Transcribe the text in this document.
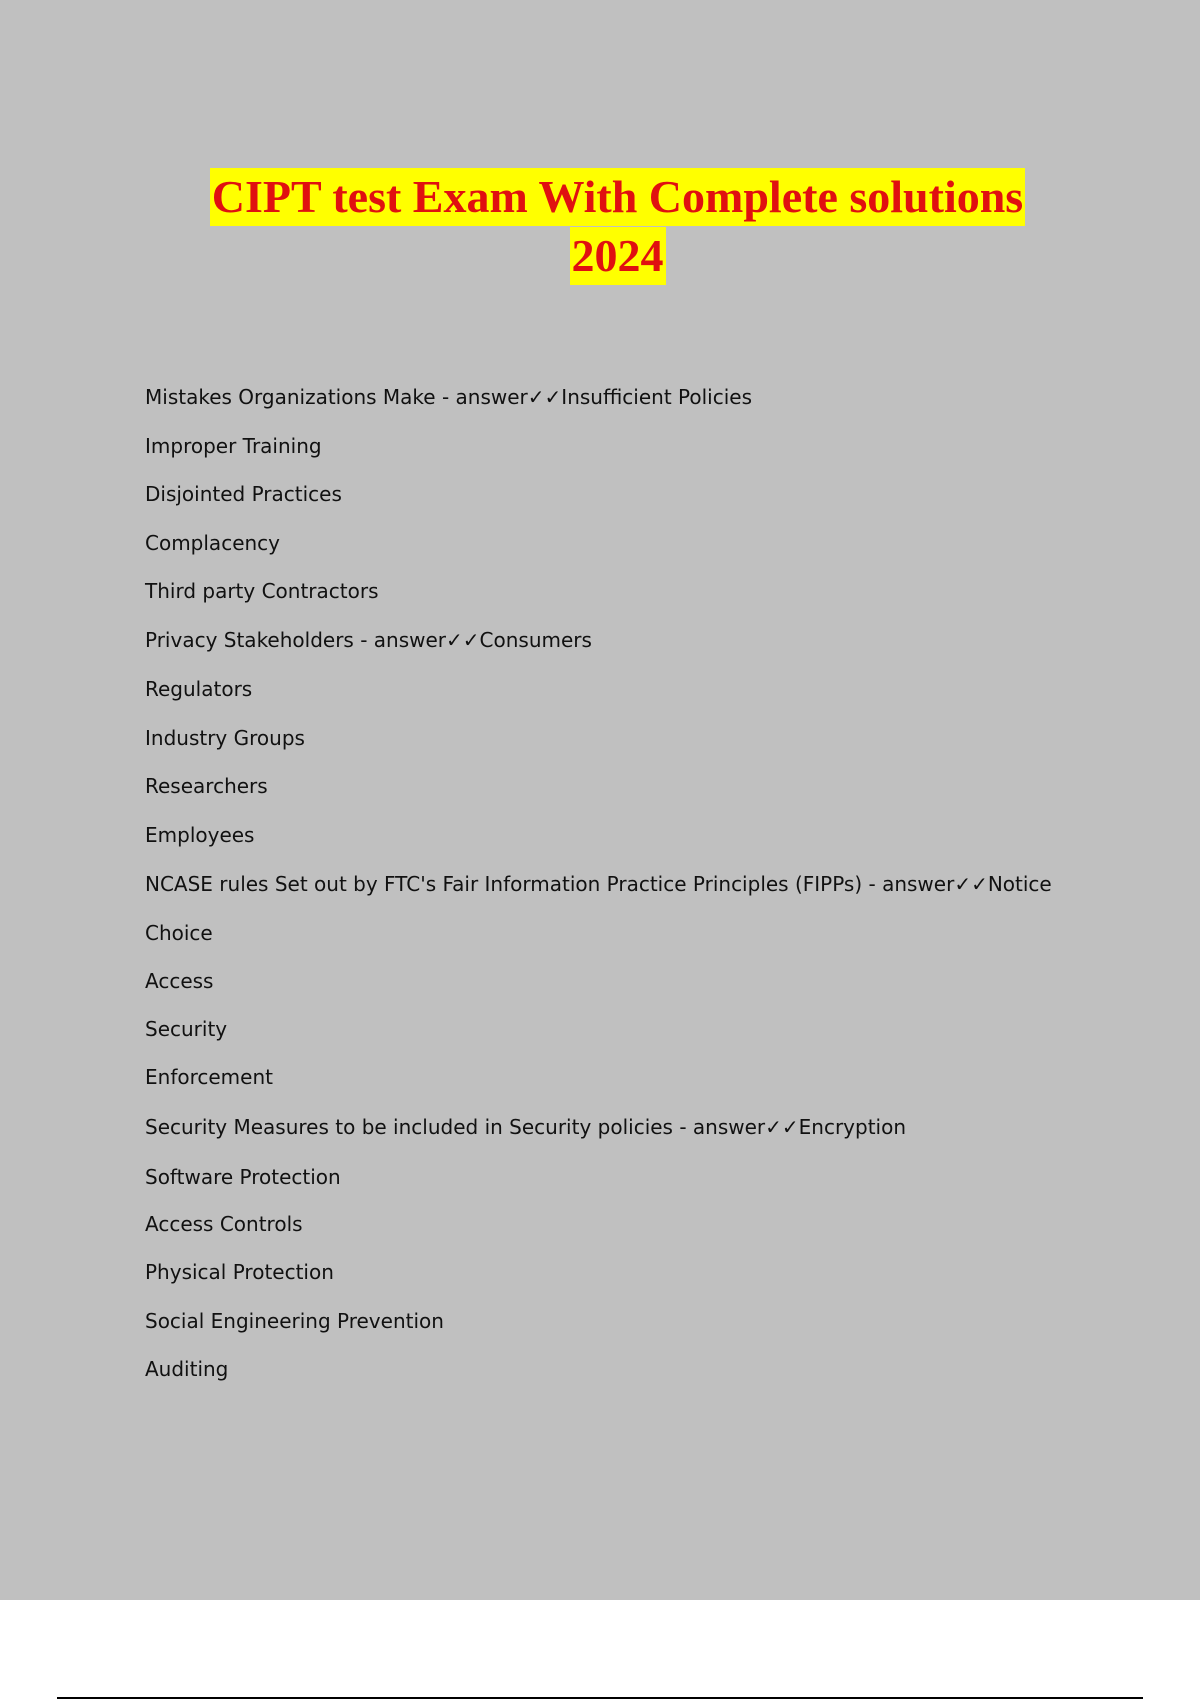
CIPT test Exam With Complete solutions
2024
Mistakes Organizations Make - answer✓✓Insufficient Policies
Improper Training
Disjointed Practices
Complacency
Third party Contractors
Privacy Stakeholders - answer✓✓Consumers
Regulators
Industry Groups
Researchers
Employees
NCASE rules Set out by FTC's Fair Information Practice Principles (FIPPs) - answer✓✓Notice
Choice
Access
Security
Enforcement
Security Measures to be included in Security policies - answer✓✓Encryption
Software Protection
Access Controls
Physical Protection
Social Engineering Prevention
Auditing
